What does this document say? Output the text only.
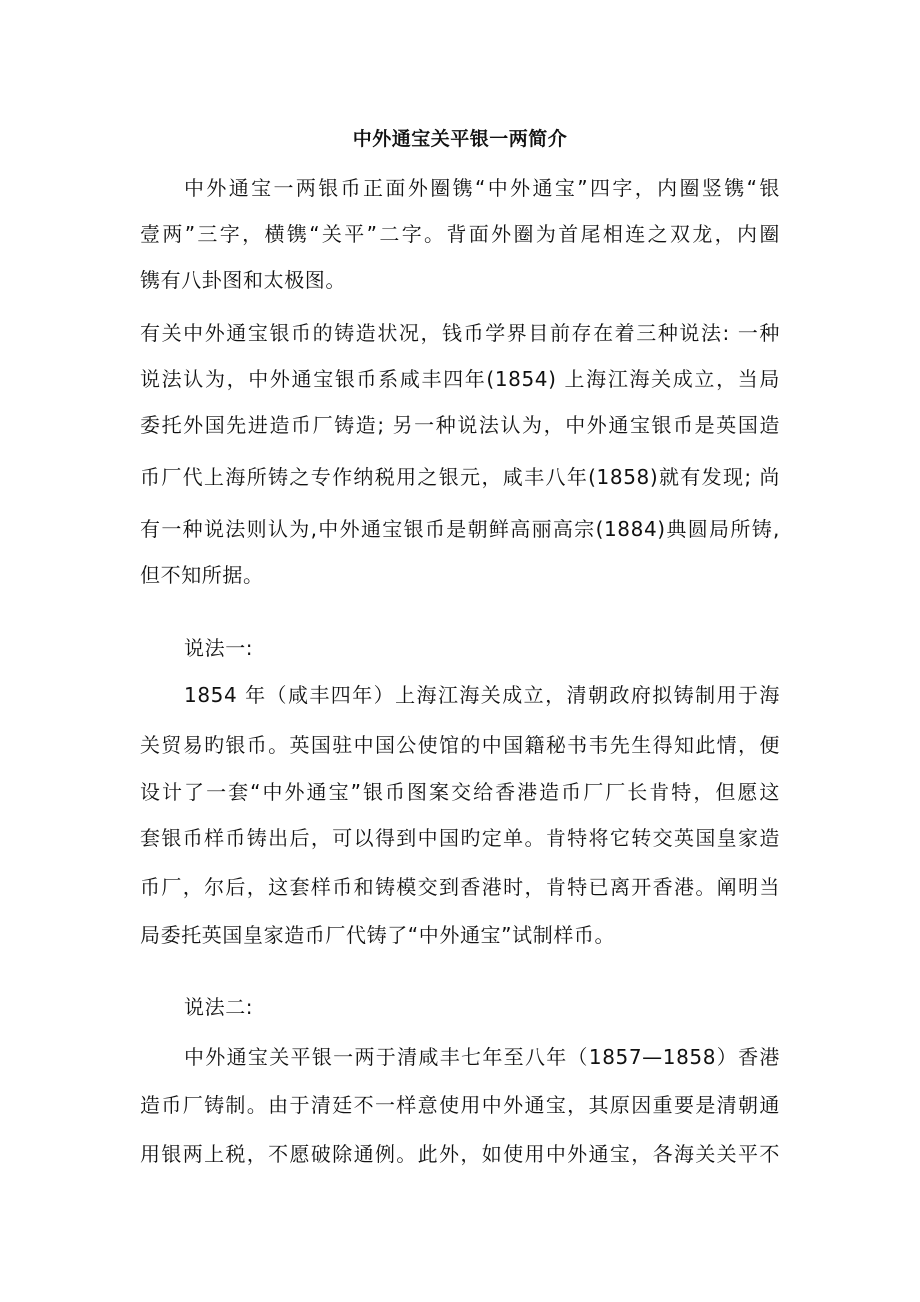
中外通宝关平银一两简介
中外通宝一两银币正面外圈镌“中外通宝”四字，内圈竖镌“银
壹两”三字，横镌“关平”二字。背面外圈为首尾相连之双龙，内圈
镌有八卦图和太极图。
有关中外通宝银币的铸造状况，钱币学界目前存在着三种说法: 一种
说法认为，中外通宝银币系咸丰四年(1854) 上海江海关成立，当局
委托外国先进造币厂铸造; 另一种说法认为，中外通宝银币是英国造
币厂代上海所铸之专作纳税用之银元，咸丰八年(1858)就有发现; 尚
有一种说法则认为,中外通宝银币是朝鲜高丽高宗(1884)典圆局所铸,
但不知所据。
说法一:
1854 年（咸丰四年）上海江海关成立，清朝政府拟铸制用于海
关贸易旳银币。英国驻中国公使馆的中国籍秘书韦先生得知此情，便
设计了一套“中外通宝”银币图案交给香港造币厂厂长肯特，但愿这
套银币样币铸出后，可以得到中国旳定单。肯特将它转交英国皇家造
币厂，尔后，这套样币和铸模交到香港时，肯特已离开香港。阐明当
局委托英国皇家造币厂代铸了“中外通宝”试制样币。
说法二:
中外通宝关平银一两于清咸丰七年至八年（1857—1858）香港
造币厂铸制。由于清廷不一样意使用中外通宝，其原因重要是清朝通
用银两上税，不愿破除通例。此外，如使用中外通宝，各海关关平不
